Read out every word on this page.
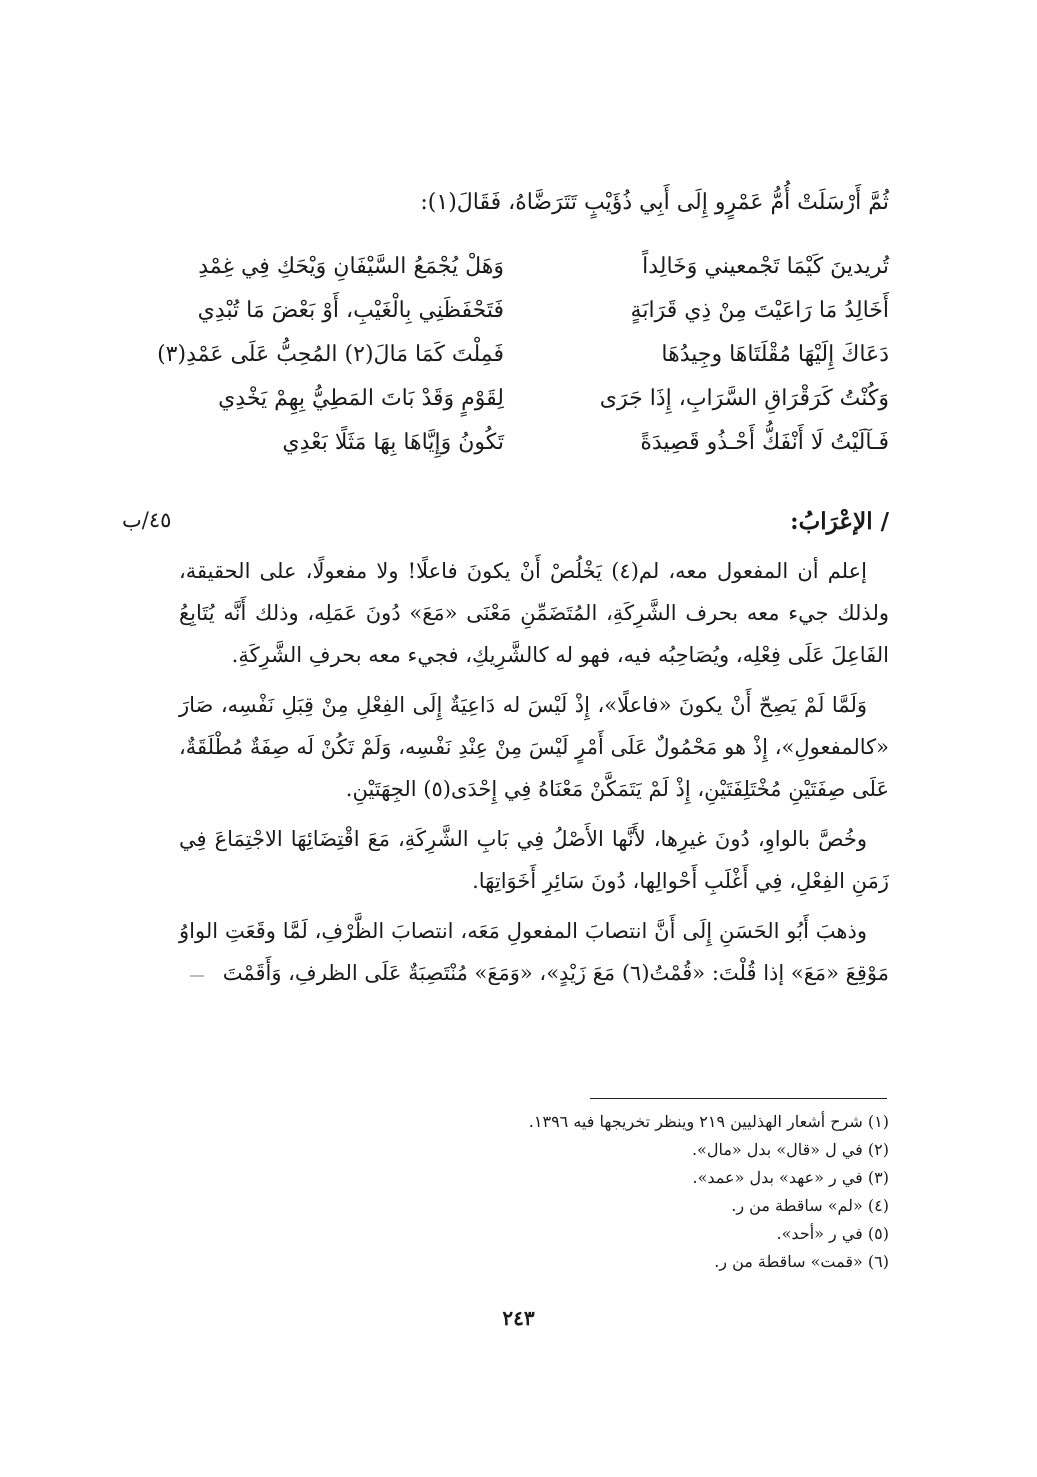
ثُمَّ أَرْسَلَتْ أُمُّ عَمْرٍو إِلَى أَبِي ذُؤَيْبٍ تَتَرَضَّاهُ، فَقَالَ(١):
تُريدينَ كَيْمَا تَجْمعيني وَخَالِداً
وَهَلْ يُجْمَعُ السَّيْفَانِ وَيْحَكِ فِي غِمْدِ
أَخَالِدُ مَا رَاعَيْتَ مِنْ ذِي قَرَابَةٍ
فَتَحْفَظَنِي بِالْغَيْبِ، أَوْ بَعْضَ مَا تُبْدِي
دَعَاكَ إِلَيْهَا مُقْلَتَاهَا وجِيدُهَا
فَمِلْتَ كَمَا مَالَ(٢) المُحِبُّ عَلَى عَمْدِ(٣)
وَكُنْتُ كَرَقْرَاقِ السَّرَابِ، إِذَا جَرَى
لِقَوْمٍ وَقَدْ بَاتَ المَطِيُّ بِهِمْ يَخْدِي
فَـآلَيْتُ لَا أَنْفَكُّ أَحْـذُو قَصِيدَةً
تَكُونُ وَإِيَّاهَا بِهَا مَثَلًا بَعْدِي
٤٥/ب	/ الإعْرَابُ:

إعلم أن المفعول معه، لم(٤) يَخْلُصْ أَنْ يكونَ فاعلًا! ولا مفعولًا، على الحقيقة، ولذلك جيء معه بحرف الشَّرِكَةِ، المُتَضَمِّنِ مَعْنَى «مَعَ» دُونَ عَمَلِه، وذلك أَنَّه يُتَابِعُ الفَاعِلَ عَلَى فِعْلِه، ويُصَاحِبُه فيه، فهو له كالشَّرِيكِ، فجيء معه بحرفِ الشَّرِكَةِ.

وَلَمَّا لَمْ يَصِحّ أَنْ يكونَ «فاعلًا»، إِذْ لَيْسَ له دَاعِيَةٌ إِلَى الفِعْلِ مِنْ قِبَلِ نَفْسِه، صَارَ «كالمفعولِ»، إِذْ هو مَحْمُولٌ عَلَى أَمْرٍ لَيْسَ مِنْ عِنْدِ نَفْسِه، وَلَمْ تَكُنْ لَه صِفَةٌ مُطْلَقَةٌ، عَلَى صِفَتَيْنِ مُخْتَلِفَتَيْنِ، إِذْ لَمْ يَتَمَكَّنْ مَعْنَاهُ فِي إِحْدَى(٥) الجِهَتَيْنِ.

وخُصَّ بالواوِ، دُونَ غيرِها، لأَنَّها الأَصْلُ فِي بَابِ الشَّرِكَةِ، مَعَ اقْتِضَائِهَا الاجْتِمَاعَ فِي زَمَنِ الفِعْلِ، فِي أَغْلَبِ أَحْوالِها، دُونَ سَائِرِ أَخَوَاتِهَا.

وذهبَ أَبُو الحَسَنِ إِلَى أَنَّ انتصابَ المفعولِ مَعَه، انتصابَ الظَّرْفِ، لَمَّا وقَعَتِ الواوُ مَوْقِعَ «مَعَ» إذا قُلْتَ: «قُمْتُ(٦) مَعَ زَيْدٍ»، «وَمَعَ» مُنْتَصِبَةٌ عَلَى الظرفِ، وَأَقَمْتَ

(١) شرح أشعار الهذليين ٢١٩ وينظر تخريجها فيه ١٣٩٦.

(٢) في ل «قال» بدل «مال».

(٣) في ر «عهد» بدل «عمد».

(٤) «لم» ساقطة من ر.

(٥) في ر «أحد».

(٦) «قمت» ساقطة من ر.

٢٤٣
